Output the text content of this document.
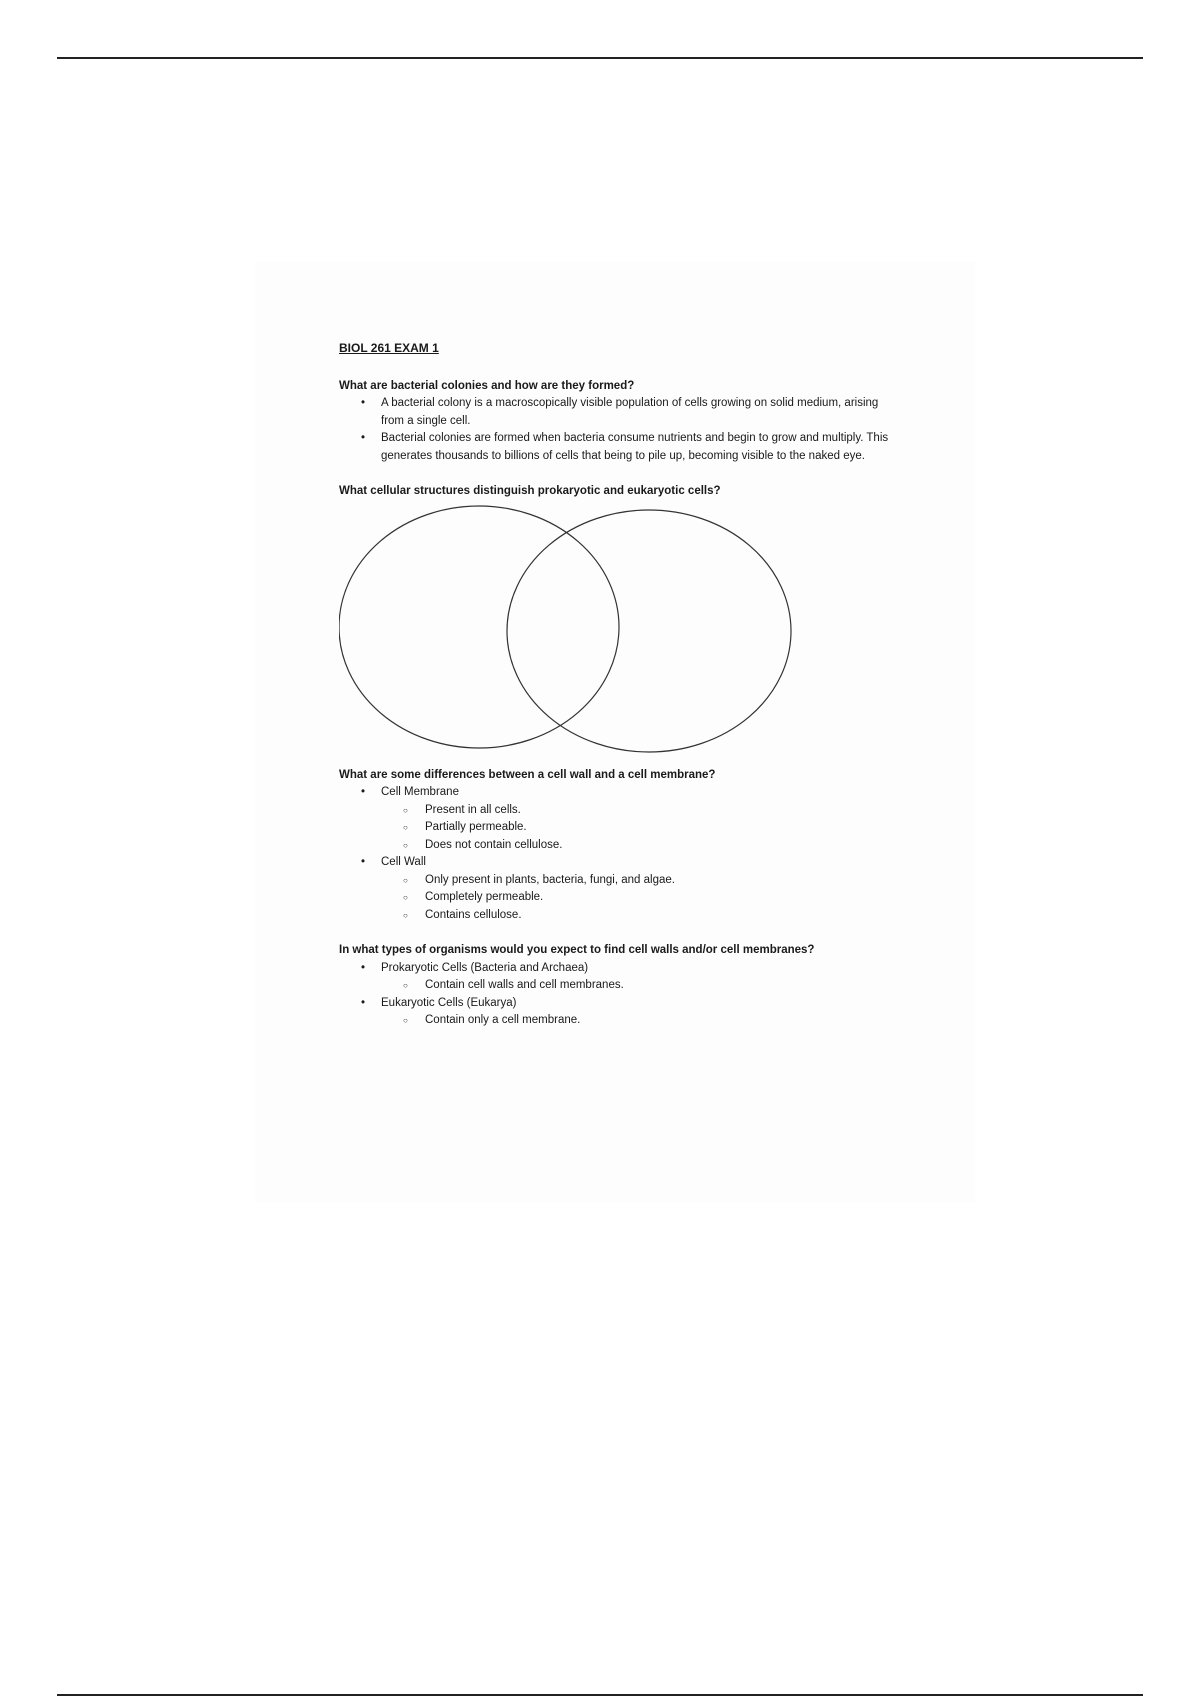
BIOL 261 EXAM 1

What are bacterial colonies and how are they formed?

• A bacterial colony is a macroscopically visible population of cells growing on solid medium, arising from a single cell.
• Bacterial colonies are formed when bacteria consume nutrients and begin to grow and multiply. This generates thousands to billions of cells that being to pile up, becoming visible to the naked eye.

What cellular structures distinguish prokaryotic and eukaryotic cells?

What are some differences between a cell wall and a cell membrane?

• Cell Membrane
○ Present in all cells.
○ Partially permeable.
○ Does not contain cellulose.
• Cell Wall
○ Only present in plants, bacteria, fungi, and algae.
○ Completely permeable.
○ Contains cellulose.

In what types of organisms would you expect to find cell walls and/or cell membranes?

• Prokaryotic Cells (Bacteria and Archaea)
○ Contain cell walls and cell membranes.
• Eukaryotic Cells (Eukarya)
○ Contain only a cell membrane.
